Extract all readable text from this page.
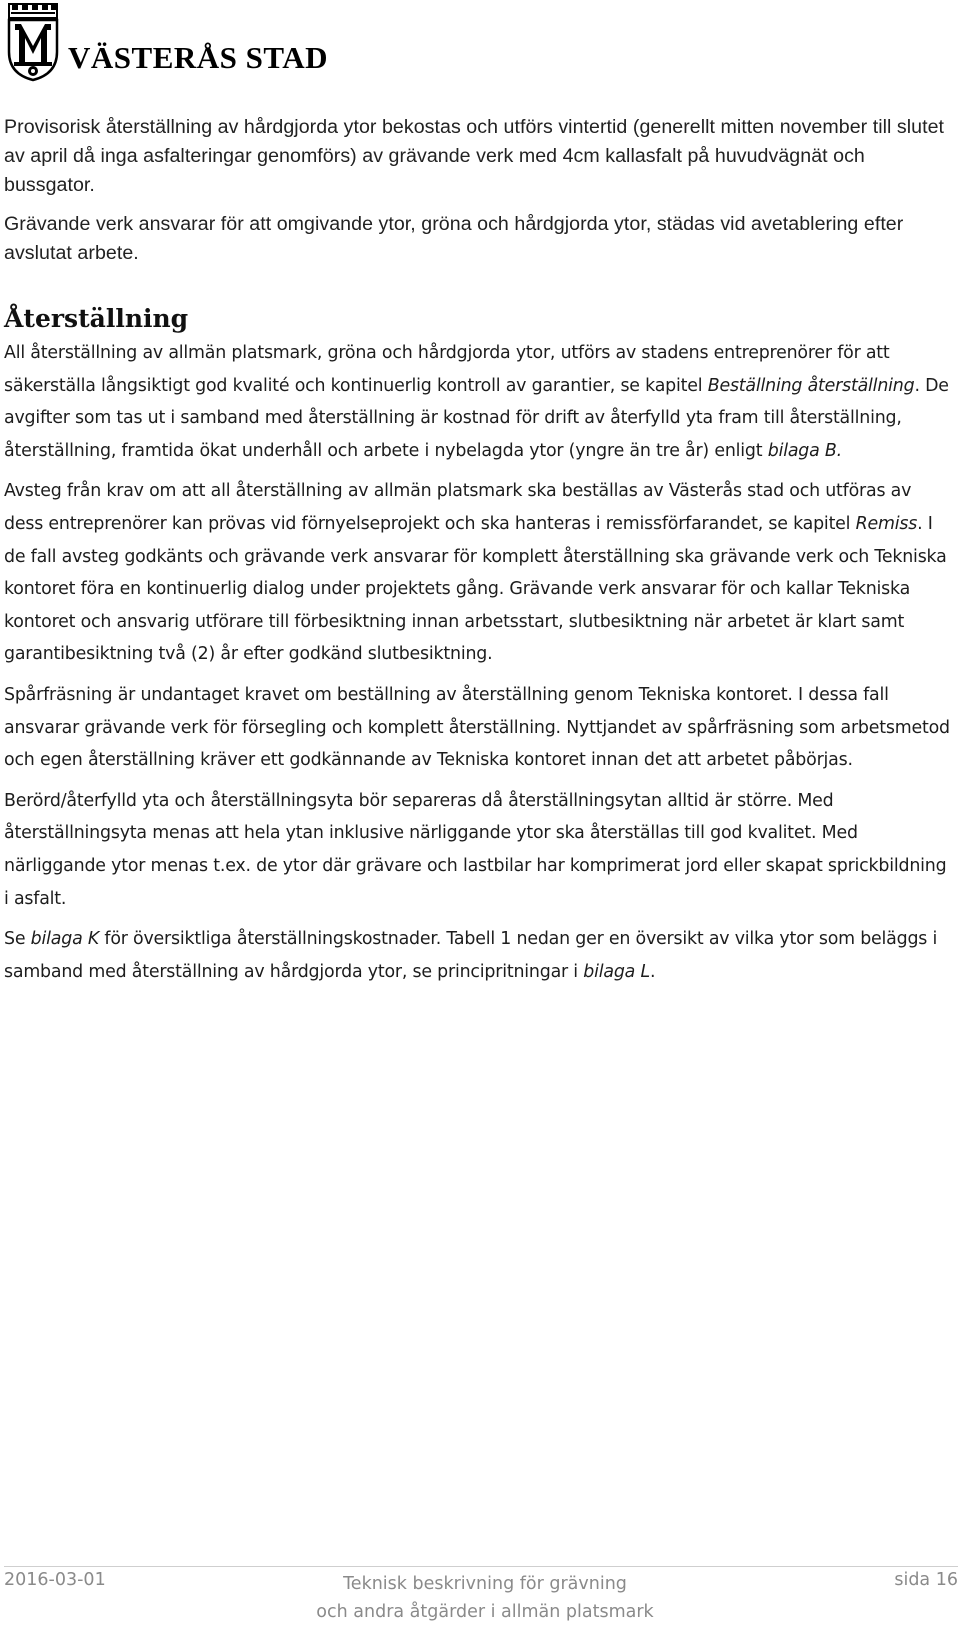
VÄSTERÅS STAD

Provisorisk återställning av hårdgjorda ytor bekostas och utförs vintertid (generellt mitten november till slutet av april då inga asfalteringar genomförs) av grävande verk med 4cm kallasfalt på huvudvägnät och bussgator.

Grävande verk ansvarar för att omgivande ytor, gröna och hårdgjorda ytor, städas vid avetablering efter avslutat arbete.

Återställning

All återställning av allmän platsmark, gröna och hårdgjorda ytor, utförs av stadens entreprenörer för att säkerställa långsiktigt god kvalité och kontinuerlig kontroll av garantier, se kapitel Beställning återställning. De avgifter som tas ut i samband med återställning är kostnad för drift av återfylld yta fram till återställning, återställning, framtida ökat underhåll och arbete i nybelagda ytor (yngre än tre år) enligt bilaga B.

Avsteg från krav om att all återställning av allmän platsmark ska beställas av Västerås stad och utföras av dess entreprenörer kan prövas vid förnyelseprojekt och ska hanteras i remissförfarandet, se kapitel Remiss. I de fall avsteg godkänts och grävande verk ansvarar för komplett återställning ska grävande verk och Tekniska kontoret föra en kontinuerlig dialog under projektets gång. Grävande verk ansvarar för och kallar Tekniska kontoret och ansvarig utförare till förbesiktning innan arbetsstart, slutbesiktning när arbetet är klart samt garantibesiktning två (2) år efter godkänd slutbesiktning.

Spårfräsning är undantaget kravet om beställning av återställning genom Tekniska kontoret. I dessa fall ansvarar grävande verk för försegling och komplett återställning. Nyttjandet av spårfräsning som arbetsmetod och egen återställning kräver ett godkännande av Tekniska kontoret innan det att arbetet påbörjas.

Berörd/återfylld yta och återställningsyta bör separeras då återställningsytan alltid är större. Med återställningsyta menas att hela ytan inklusive närliggande ytor ska återställas till god kvalitet. Med närliggande ytor menas t.ex. de ytor där grävare och lastbilar har komprimerat jord eller skapat sprickbildning i asfalt.

Se bilaga K för översiktliga återställningskostnader. Tabell 1 nedan ger en översikt av vilka ytor som beläggs i samband med återställning av hårdgjorda ytor, se principritningar i bilaga L.

2016-03-01	Teknisk beskrivning för grävning
och andra åtgärder i allmän platsmark
sida 16
